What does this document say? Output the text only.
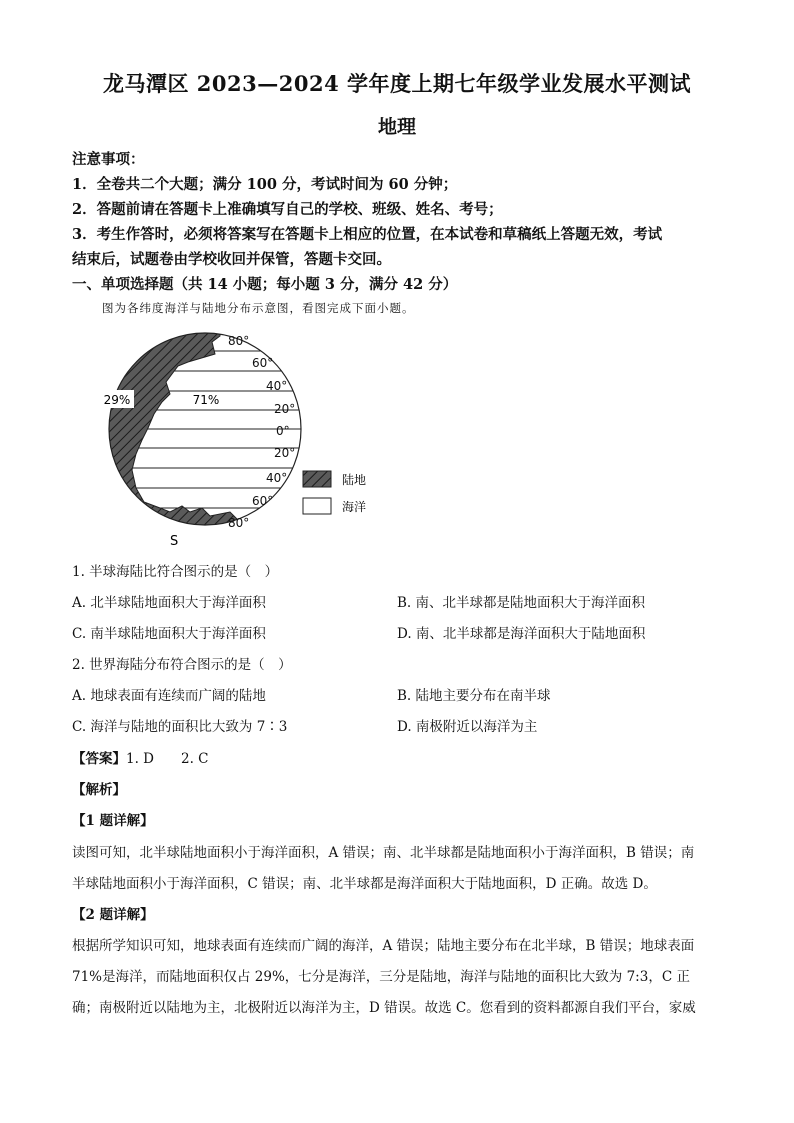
龙马潭区 2023—2024 学年度上期七年级学业发展水平测试
地理
注意事项：
1．全卷共二个大题；满分 100 分，考试时间为 60 分钟；
2．答题前请在答题卡上准确填写自己的学校、班级、姓名、考号；
3．考生作答时，必须将答案写在答题卡上相应的位置，在本试卷和草稿纸上答题无效，考试
结束后，试题卷由学校收回并保管，答题卡交回。
一、单项选择题（共 14 小题；每小题 3 分，满分 42 分）
图为各纬度海洋与陆地分布示意图，看图完成下面小题。
29%	71%
80°
60°
40°
20°
0°
20°
40°
60°
80°
S
陆地
海洋
1. 半球海陆比符合图示的是（　）
A. 北半球陆地面积大于海洋面积	B. 南、北半球都是陆地面积大于海洋面积
C. 南半球陆地面积大于海洋面积	D. 南、北半球都是海洋面积大于陆地面积
2. 世界海陆分布符合图示的是（　）
A. 地球表面有连续而广阔的陆地	B. 陆地主要分布在南半球
C. 海洋与陆地的面积比大致为 7∶3	D. 南极附近以海洋为主
【答案】1. D　　2. C
【解析】
【1 题详解】
读图可知，北半球陆地面积小于海洋面积，A 错误；南、北半球都是陆地面积小于海洋面积，B 错误；南
半球陆地面积小于海洋面积，C 错误；南、北半球都是海洋面积大于陆地面积，D 正确。故选 D。
【2 题详解】
根据所学知识可知，地球表面有连续而广阔的海洋，A 错误；陆地主要分布在北半球，B 错误；地球表面
71%是海洋，而陆地面积仅占 29%，七分是海洋，三分是陆地，海洋与陆地的面积比大致为 7:3，C 正
确；南极附近以陆地为主，北极附近以海洋为主，D 错误。故选 C。您看到的资料都源自我们平台，家威
